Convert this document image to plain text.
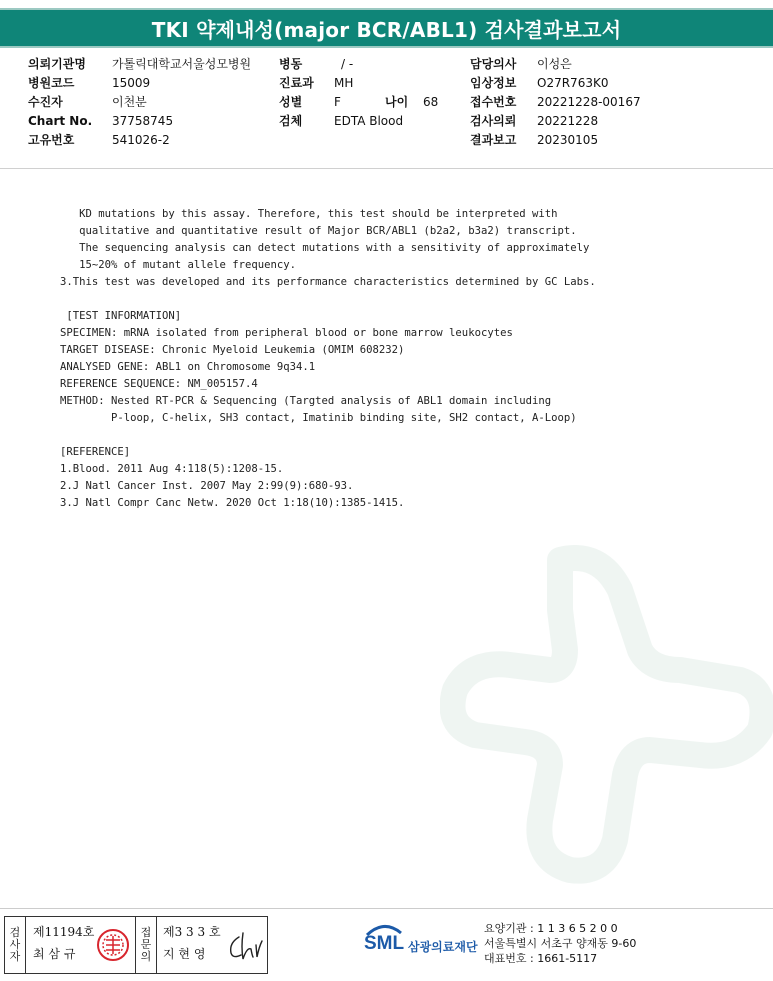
TKI 약제내성(major BCR/ABL1) 검사결과보고서
의뢰기관명 가톨릭대학교서울성모병원
병원코드	15009
수진자	이천분
Chart No. 37758745
고유번호	541026-2
병동	/ -
진료과 MH
성별	F	나이 68
검체	EDTA Blood
담당의사 이성은
임상정보 O27R763K0
접수번호 20221228-00167
검사의뢰 20221228
결과보고 20230105
KD mutations by this assay. Therefore, this test should be interpreted with
qualitative and quantitative result of Major BCR/ABL1 (b2a2, b3a2) transcript.
The sequencing analysis can detect mutations with a sensitivity of approximately
15~20% of mutant allele frequency.
3.This test was developed and its performance characteristics determined by GC Labs.

[TEST INFORMATION]
SPECIMEN: mRNA isolated from peripheral blood or bone marrow leukocytes
TARGET DISEASE: Chronic Myeloid Leukemia (OMIM 608232)
ANALYSED GENE: ABL1 on Chromosome 9q34.1
REFERENCE SEQUENCE: NM_005157.4
METHOD: Nested RT-PCR & Sequencing (Targted analysis of ABL1 domain including
P-loop, C-helix, SH3 contact, Imatinib binding site, SH2 contact, A-Loop)

[REFERENCE]
1.Blood. 2011 Aug 4:118(5):1208-15.
2.J Natl Cancer Inst. 2007 May 2:99(9):680-93.
3.J Natl Compr Canc Netw. 2020 Oct 1:18(10):1385-1415.
검
사
자
제11194호
최 삼 규
접
문
의
제3 3 3 호
지 현 영	SML 삼광의료재단
요양기관 : 1 1 3 6 5 2 0 0
서울특별시 서초구 양재동 9-60
대표번호 : 1661-5117
